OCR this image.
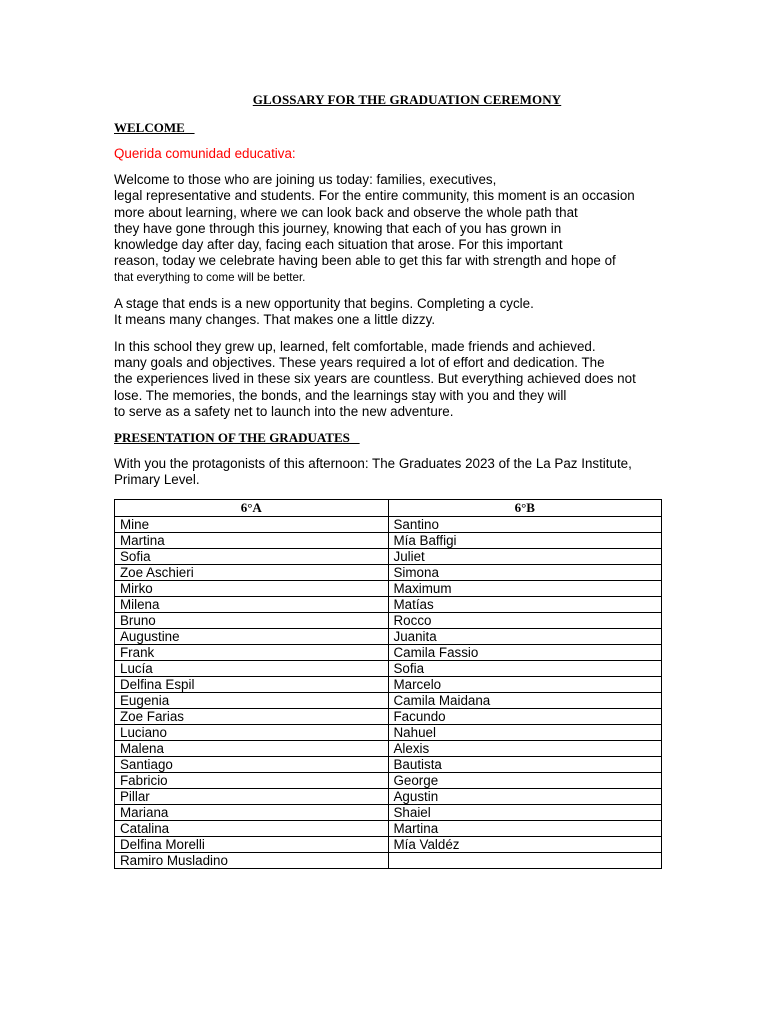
GLOSSARY FOR THE GRADUATION CEREMONY
WELCOME
Querida comunidad educativa:
Welcome to those who are joining us today: families, executives,
legal representative and students. For the entire community, this moment is an occasion
more about learning, where we can look back and observe the whole path that
they have gone through this journey, knowing that each of you has grown in
knowledge day after day, facing each situation that arose. For this important
reason, today we celebrate having been able to get this far with strength and hope of
that everything to come will be better.
A stage that ends is a new opportunity that begins. Completing a cycle.
It means many changes. That makes one a little dizzy.
In this school they grew up, learned, felt comfortable, made friends and achieved.
many goals and objectives. These years required a lot of effort and dedication. The
the experiences lived in these six years are countless. But everything achieved does not
lose. The memories, the bonds, and the learnings stay with you and they will
to serve as a safety net to launch into the new adventure.
PRESENTATION OF THE GRADUATES
With you the protagonists of this afternoon: The Graduates 2023 of the La Paz Institute,
Primary Level.
6°A	6°B
Mine	Santino
Martina	Mía Baffigi
Sofia	Juliet
Zoe Aschieri	Simona
Mirko	Maximum
Milena	Matías
Bruno	Rocco
Augustine	Juanita
Frank	Camila Fassio
Lucía	Sofia
Delfina Espil	Marcelo
Eugenia	Camila Maidana
Zoe Farias	Facundo
Luciano	Nahuel
Malena	Alexis
Santiago	Bautista
Fabricio	George
Pillar	Agustin
Mariana	Shaiel
Catalina	Martina
Delfina Morelli	Mía Valdéz
Ramiro Musladino	
